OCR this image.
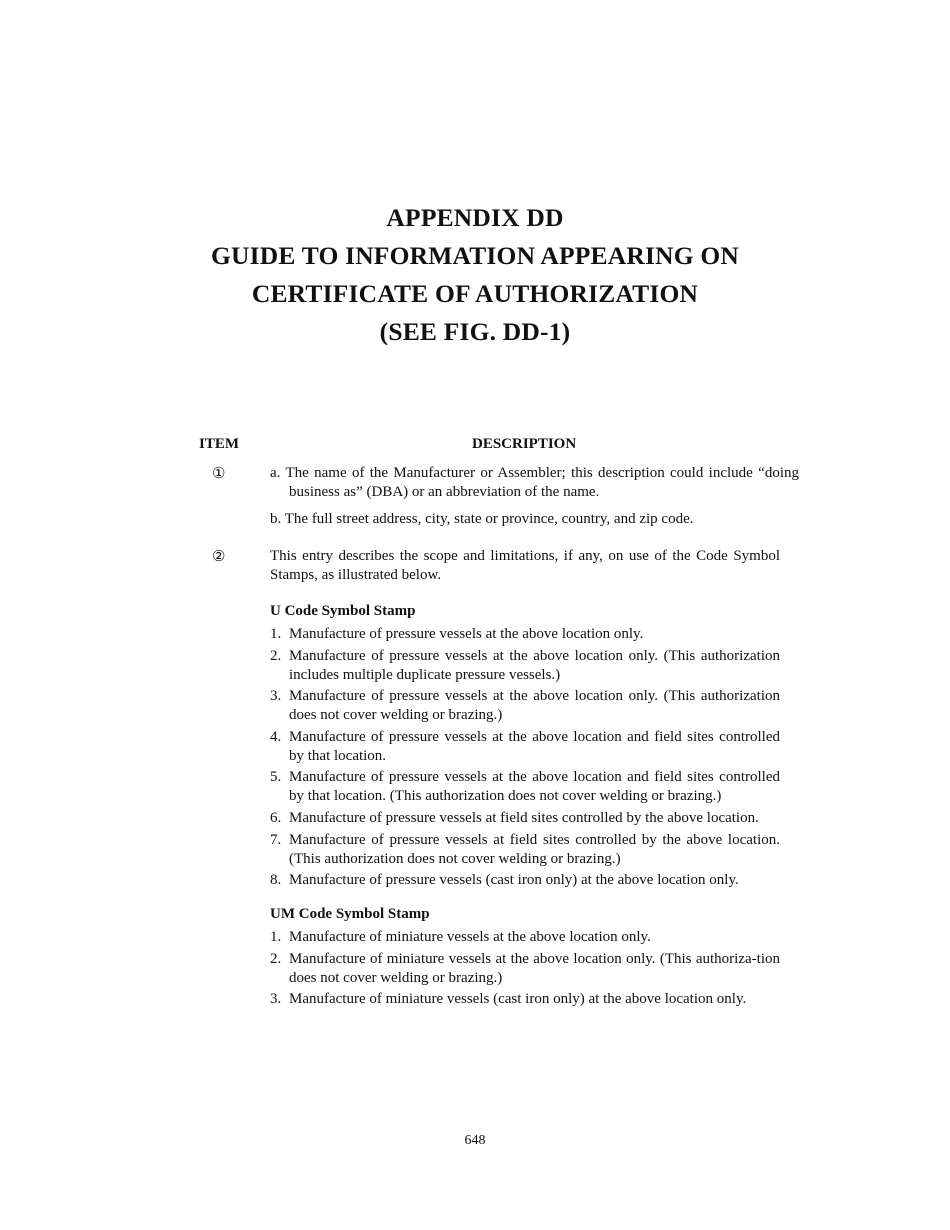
APPENDIX DD
GUIDE TO INFORMATION APPEARING ON
CERTIFICATE OF AUTHORIZATION
(SEE FIG. DD-1)
ITEM	DESCRIPTION
①	a. The name of the Manufacturer or Assembler; this description could include “doing business as” (DBA) or an abbreviation of the name.
b. The full street address, city, state or province, country, and zip code.
②	This entry describes the scope and limitations, if any, on use of the Code Symbol Stamps, as illustrated below.
U Code Symbol Stamp
1. Manufacture of pressure vessels at the above location only.
2. Manufacture of pressure vessels at the above location only. (This authorization includes multiple duplicate pressure vessels.)
3. Manufacture of pressure vessels at the above location only. (This authorization does not cover welding or brazing.)
4. Manufacture of pressure vessels at the above location and field sites controlled by that location.
5. Manufacture of pressure vessels at the above location and field sites controlled by that location. (This authorization does not cover welding or brazing.)
6. Manufacture of pressure vessels at field sites controlled by the above location.
7. Manufacture of pressure vessels at field sites controlled by the above location. (This authorization does not cover welding or brazing.)
8. Manufacture of pressure vessels (cast iron only) at the above location only.
UM Code Symbol Stamp
1. Manufacture of miniature vessels at the above location only.
2. Manufacture of miniature vessels at the above location only. (This authoriza-tion does not cover welding or brazing.)
3. Manufacture of miniature vessels (cast iron only) at the above location only.
648
